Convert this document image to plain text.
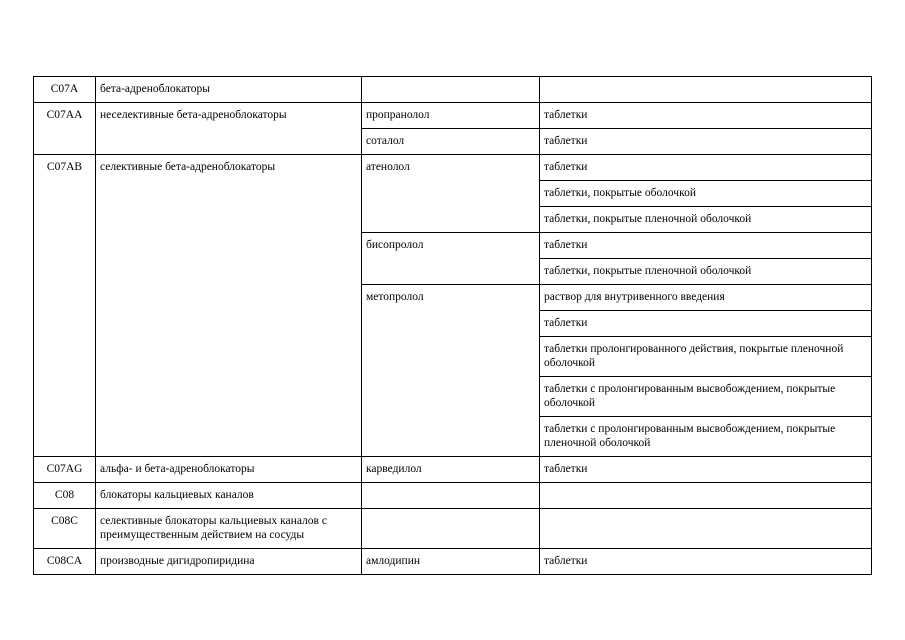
C07A	бета-адреноблокаторы		
C07AA	неселективные бета-адреноблокаторы	пропранолол	таблетки
		соталол	таблетки
C07AB	селективные бета-адреноблокаторы	атенолол	таблетки
			таблетки, покрытые оболочкой
			таблетки, покрытые пленочной оболочкой
		бисопролол	таблетки
			таблетки, покрытые пленочной оболочкой
		метопролол	раствор для внутривенного введения
			таблетки
			таблетки пролонгированного действия, покрытые пленочной оболочкой
			таблетки с пролонгированным высвобождением, покрытые оболочкой
			таблетки с пролонгированным высвобождением, покрытые пленочной оболочкой
C07AG	альфа- и бета-адреноблокаторы	карведилол	таблетки
C08	блокаторы кальциевых каналов		
C08C	селективные блокаторы кальциевых каналов с преимущественным действием на сосуды		
C08CA	производные дигидропиридина	амлодипин	таблетки
